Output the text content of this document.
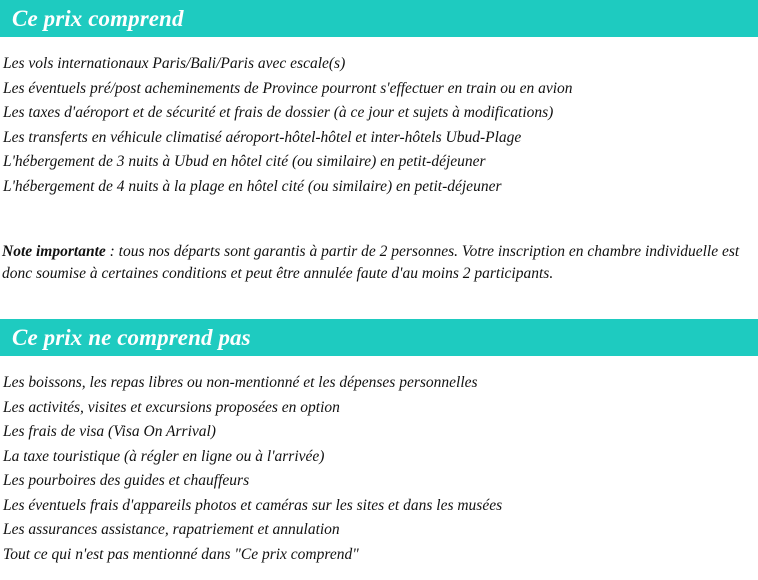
Ce prix comprend
Les vols internationaux Paris/Bali/Paris avec escale(s)
Les éventuels pré/post acheminements de Province pourront s'effectuer en train ou en avion
Les taxes d'aéroport et de sécurité et frais de dossier (à ce jour et sujets à modifications)
Les transferts en véhicule climatisé aéroport-hôtel-hôtel et inter-hôtels Ubud-Plage
L'hébergement de 3 nuits à Ubud en hôtel cité (ou similaire) en petit-déjeuner
L'hébergement de 4 nuits à la plage en hôtel cité (ou similaire) en petit-déjeuner

Note importante : tous nos départs sont garantis à partir de 2 personnes. Votre inscription en chambre individuelle est donc soumise à certaines conditions et peut être annulée faute d'au moins 2 participants.

Ce prix ne comprend pas
Les boissons, les repas libres ou non-mentionné et les dépenses personnelles
Les activités, visites et excursions proposées en option
Les frais de visa (Visa On Arrival)
La taxe touristique (à régler en ligne ou à l'arrivée)
Les pourboires des guides et chauffeurs
Les éventuels frais d'appareils photos et caméras sur les sites et dans les musées
Les assurances assistance, rapatriement et annulation
Tout ce qui n'est pas mentionné dans "Ce prix comprend"
